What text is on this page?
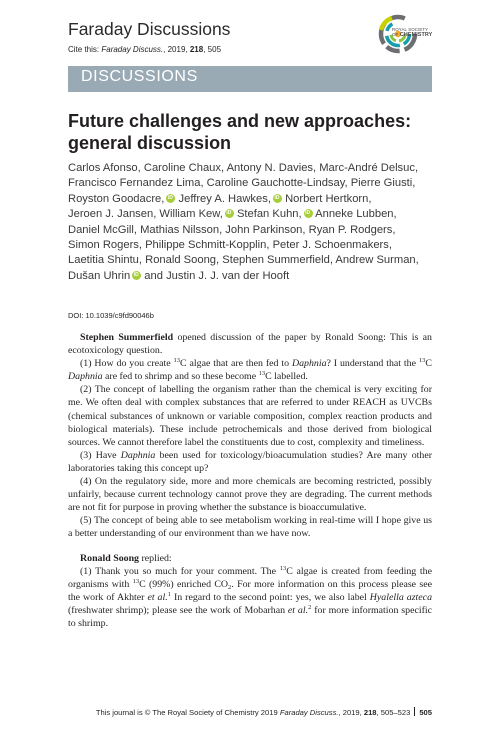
Faraday Discussions
Cite this: Faraday Discuss., 2019, 218, 505
ROYAL SOCIETY
OF CHEMISTRY
DISCUSSIONS
Future challenges and new approaches:
general discussion
Carlos Afonso, Caroline Chaux, Antony N. Davies, Marc-André Delsuc,
Francisco Fernandez Lima, Caroline Gauchotte-Lindsay, Pierre Giusti,
Royston Goodacre, iD Jeffrey A. Hawkes, iD Norbert Hertkorn,
Jeroen J. Jansen, William Kew, iD Stefan Kuhn, iD Anneke Lubben,
Daniel McGill, Mathias Nilsson, John Parkinson, Ryan P. Rodgers,
Simon Rogers, Philippe Schmitt-Kopplin, Peter J. Schoenmakers,
Laetitia Shintu, Ronald Soong, Stephen Summerfield, Andrew Surman,
Dušan Uhrin iD and Justin J. J. van der Hooft
DOI: 10.1039/c9fd90046b

Stephen Summerfield opened discussion of the paper by Ronald Soong: This is an ecotoxicology question.

(1) How do you create $^{13}$C algae that are then fed to Daphnia? I understand that the $^{13}$C Daphnia are fed to shrimp and so these become $^{13}$C labelled.

(2) The concept of labelling the organism rather than the chemical is very exciting for me. We often deal with complex substances that are referred to under REACH as UVCBs (chemical substances of unknown or variable composition, complex reaction products and biological materials). These include petrochemicals and those derived from biological sources. We cannot therefore label the constituents due to cost, complexity and timeliness.

(3) Have Daphnia been used for toxicology/bioacumulation studies? Are many other laboratories taking this concept up?

(4) On the regulatory side, more and more chemicals are becoming restricted, possibly unfairly, because current technology cannot prove they are degrading. The current methods are not fit for purpose in proving whether the substance is bioaccumulative.

(5) The concept of being able to see metabolism working in real-time will I hope give us a better understanding of our environment than we have now.

Ronald Soong replied:

(1) Thank you so much for your comment. The $^{13}$C algae is created from feeding the organisms with $^{13}$C (99%) enriched $CO_2$. For more information on this process please see the work of Akhter et al.$^1$ In regard to the second point: yes, we also label Hyalella azteca (freshwater shrimp); please see the work of Mobarhan et al.$^2$ for more information specific to shrimp.

This journal is © The Royal Society of Chemistry 2019 Faraday Discuss., 2019, 218, 505–523 505
